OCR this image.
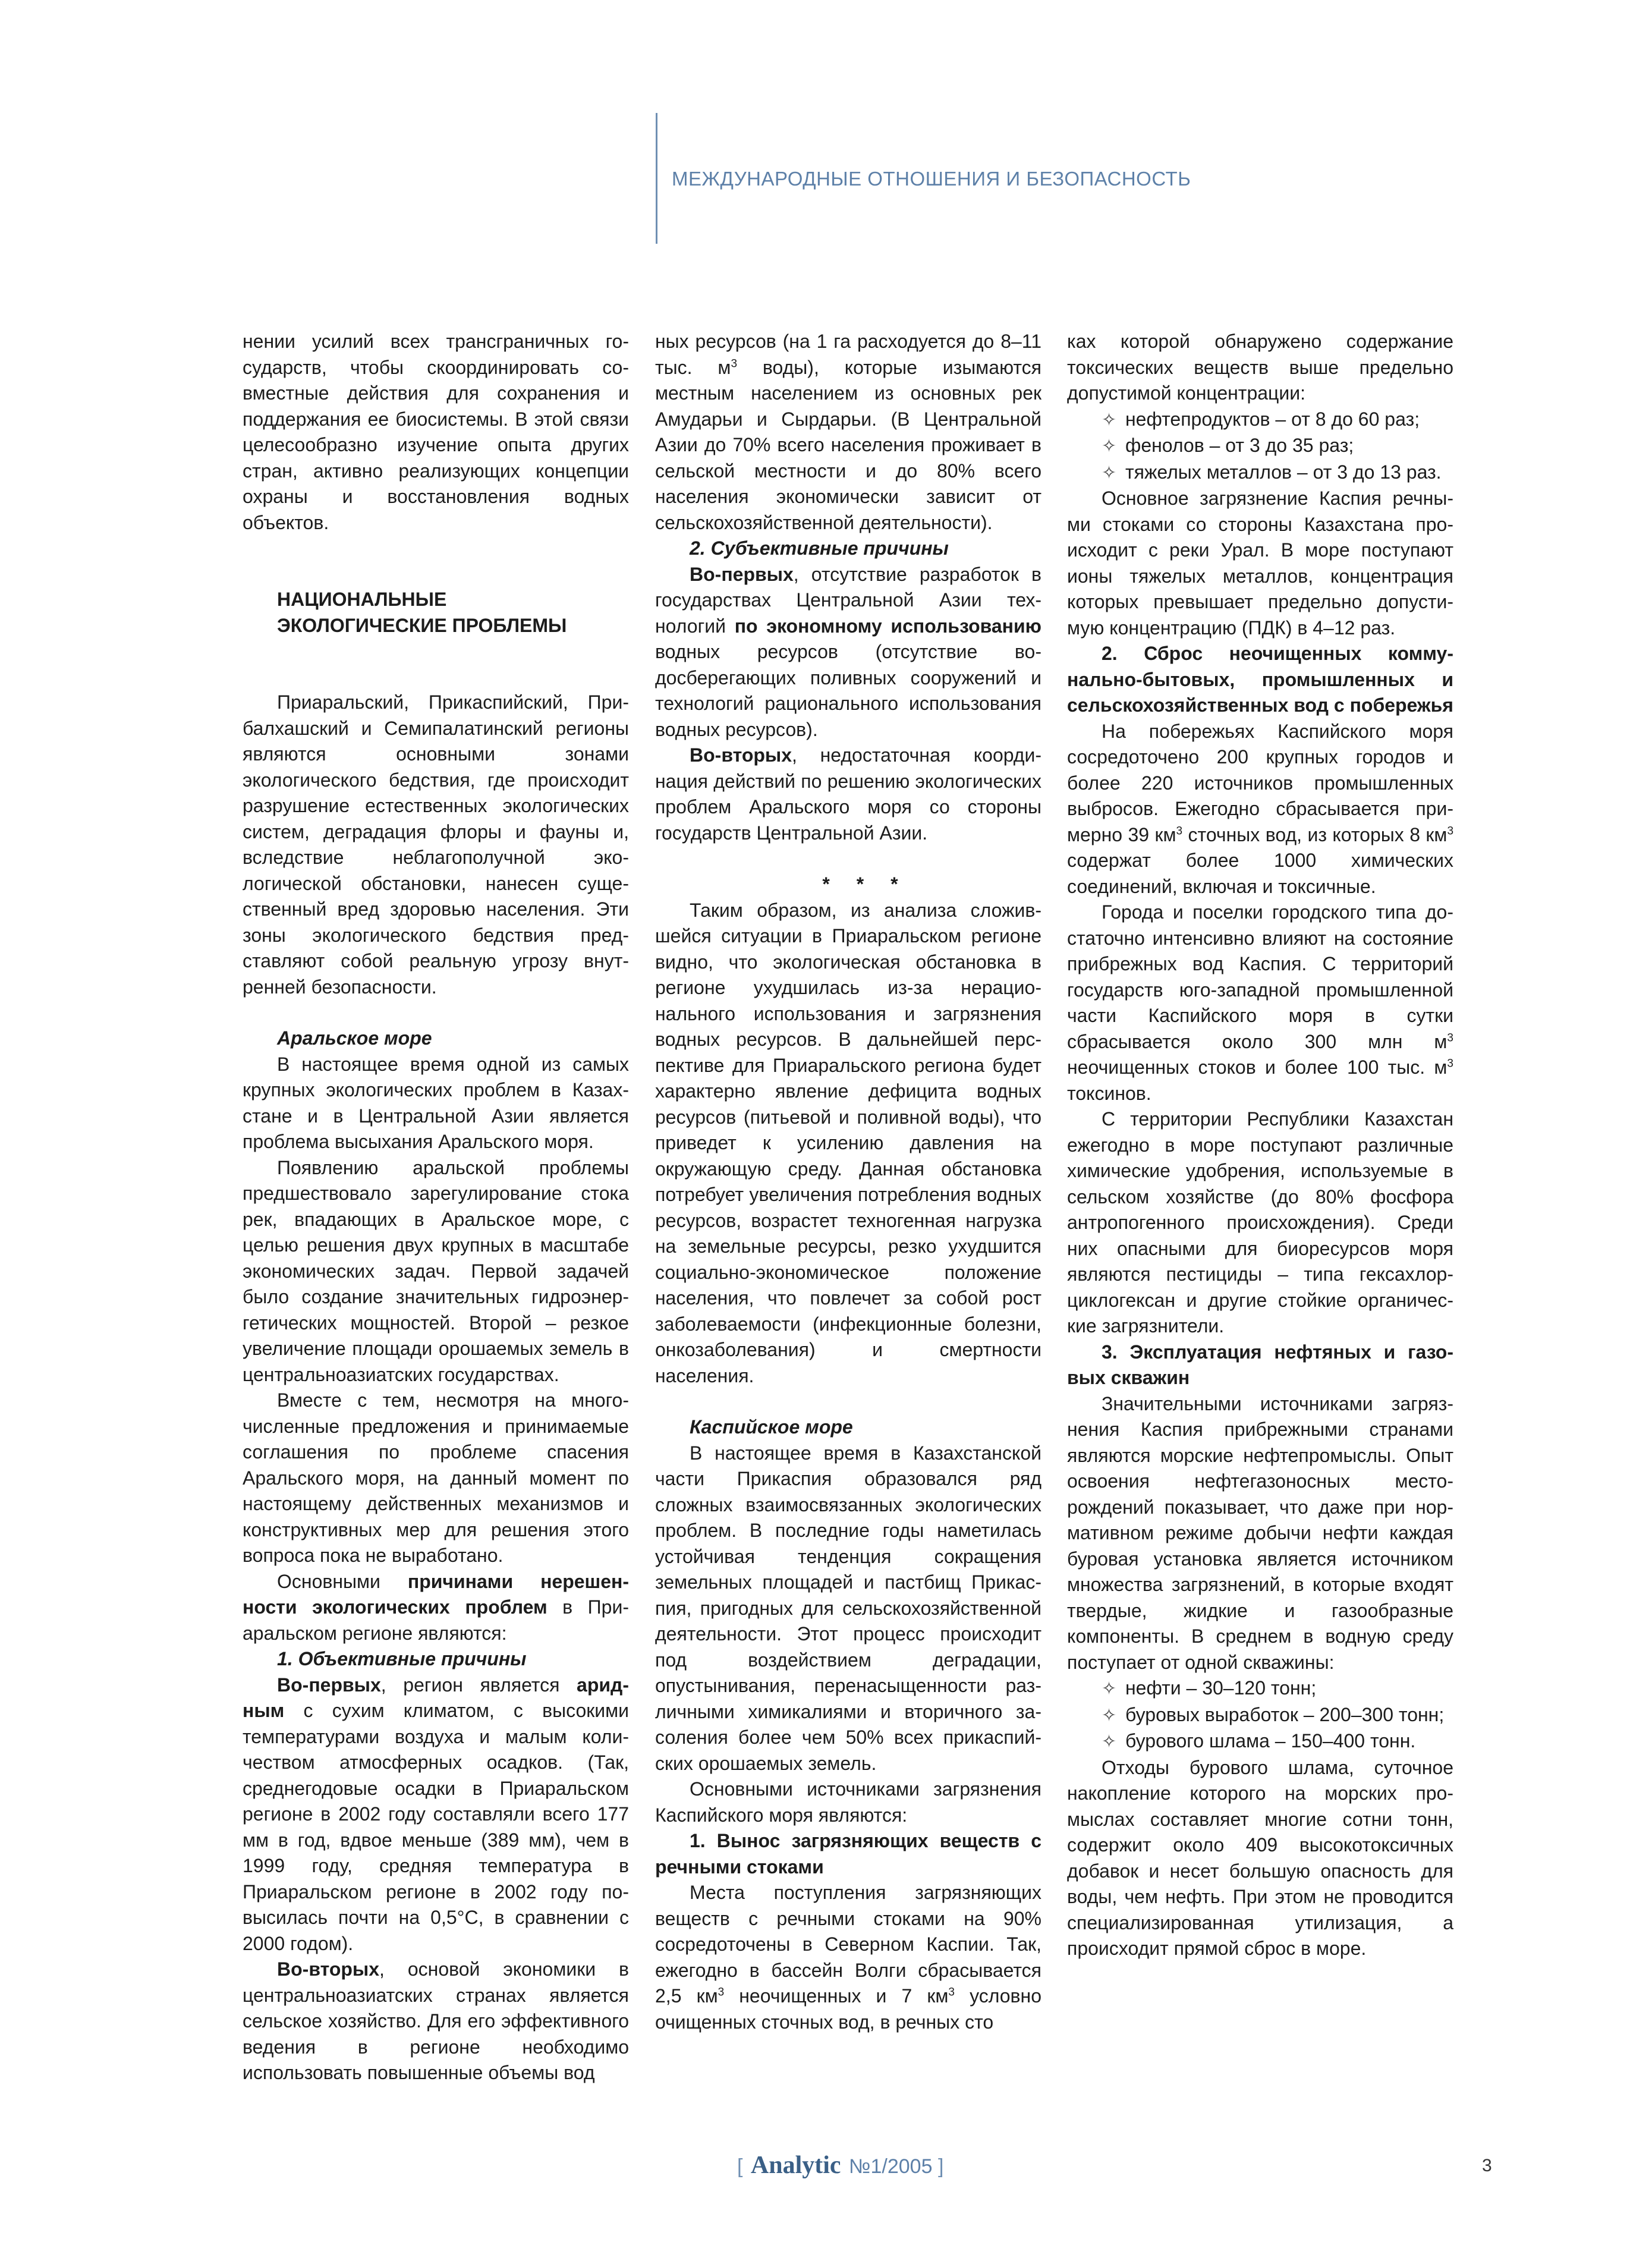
МЕЖДУНАРОДНЫЕ ОТНОШЕНИЯ И БЕЗОПАСНОСТЬ

нении усилий всех трансграничных государств, чтобы скоординировать совместные действия для сохранения и поддержания ее биосистемы. В этой связи целесообразно изучение опыта других стран, активно реализующих концепции охраны и восстановления водных объектов.

НАЦИОНАЛЬНЫЕ
ЭКОЛОГИЧЕСКИЕ ПРОБЛЕМЫ

Приаральский, Прикаспийский, Прибалхашский и Семипалатинский регионы являются основными зонами экологического бедствия, где происходит разрушение естественных экологических систем, деградация флоры и фауны и, вследствие неблагополучной экологической обстановки, нанесен существенный вред здоровью населения. Эти зоны экологического бедствия представляют собой реальную угрозу внутренней безопасности.

Аральское море

В настоящее время одной из самых крупных экологических проблем в Казахстане и в Центральной Азии является проблема высыхания Аральского моря.

Появлению аральской проблемы предшествовало зарегулирование стока рек, впадающих в Аральское море, с целью решения двух крупных в масштабе экономических задач. Первой задачей было создание значительных гидроэнергетических мощностей. Второй – резкое увеличение площади орошаемых земель в центральноазиатских государствах.

Вместе с тем, несмотря на многочисленные предложения и принимаемые соглашения по проблеме спасения Аральского моря, на данный момент по настоящему действенных механизмов и конструктивных мер для решения этого вопроса пока не выработано.

Основными причинами нерешенности экологических проблем в Приаральском регионе являются:

1. Объективные причины

Во-первых, регион является аридным с сухим климатом, с высокими температурами воздуха и малым количеством атмосферных осадков. (Так, среднегодовые осадки в Приаральском регионе в 2002 году составляли всего 177 мм в год, вдвое меньше (389 мм), чем в 1999 году, средняя температура в Приаральском регионе в 2002 году повысилась почти на 0,5°С, в сравнении с 2000 годом).

Во-вторых, основой экономики в центральноазиатских странах является сельское хозяйство. Для его эффективного ведения в регионе необходимо использовать повышенные объемы вод

ных ресурсов (на 1 га расходуется до 8–11 тыс. $м^3$ воды), которые изымаются местным населением из основных рек Амударьи и Сырдарьи. (В Центральной Азии до 70% всего населения проживает в сельской местности и до 80% всего населения экономически зависит от сельскохозяйственной деятельности).

2. Субъективные причины

Во-первых, отсутствие разработок в государствах Центральной Азии технологий по экономному использованию водных ресурсов (отсутствие водосберегающих поливных сооружений и технологий рационального использования водных ресурсов).

Во-вторых, недостаточная координация действий по решению экологических проблем Аральского моря со стороны государств Центральной Азии.

* * *

Таким образом, из анализа сложившейся ситуации в Приаральском регионе видно, что экологическая обстановка в регионе ухудшилась из-за нерационального использования и загрязнения водных ресурсов. В дальнейшей перспективе для Приаральского региона будет характерно явление дефицита водных ресурсов (питьевой и поливной воды), что приведет к усилению давления на окружающую среду. Данная обстановка потребует увеличения потребления водных ресурсов, возрастет техногенная нагрузка на земельные ресурсы, резко ухудшится социально-экономическое положение населения, что повлечет за собой рост заболеваемости (инфекционные болезни, онкозаболевания) и смертности населения.

Каспийское море

В настоящее время в Казахстанской части Прикаспия образовался ряд сложных взаимосвязанных экологических проблем. В последние годы наметилась устойчивая тенденция сокращения земельных площадей и пастбищ Прикаспия, пригодных для сельскохозяйственной деятельности. Этот процесс происходит под воздействием деградации, опустынивания, перенасыщенности различными химикалиями и вторичного засоления более чем 50% всех прикаспийских орошаемых земель.

Основными источниками загрязнения Каспийского моря являются:

1. Вынос загрязняющих веществ с речными стоками

Места поступления загрязняющих веществ с речными стоками на 90% сосредоточены в Северном Каспии. Так, ежегодно в бассейн Волги сбрасывается 2,5 $км^3$ неочищенных и 7 $км^3$ условно очищенных сточных вод, в речных сто

ках которой обнаружено содержание токсических веществ выше предельно допустимой концентрации:

✧ нефтепродуктов – от 8 до 60 раз;

✧ фенолов – от 3 до 35 раз;

✧ тяжелых металлов – от 3 до 13 раз.

Основное загрязнение Каспия речными стоками со стороны Казахстана происходит с реки Урал. В море поступают ионы тяжелых металлов, концентрация которых превышает предельно допустимую концентрацию (ПДК) в 4–12 раз.

2. Сброс неочищенных коммунально-бытовых, промышленных и сельскохозяйственных вод с побережья

На побережьях Каспийского моря сосредоточено 200 крупных городов и более 220 источников промышленных выбросов. Ежегодно сбрасывается примерно 39 $км^3$ сточных вод, из которых 8 $км^3$ содержат более 1000 химических соединений, включая и токсичные.

Города и поселки городского типа достаточно интенсивно влияют на состояние прибрежных вод Каспия. С территорий государств юго-западной промышленной части Каспийского моря в сутки сбрасывается около 300 млн $м^3$ неочищенных стоков и более 100 тыс. $м^3$ токсинов.

С территории Республики Казахстан ежегодно в море поступают различные химические удобрения, используемые в сельском хозяйстве (до 80% фосфора антропогенного происхождения). Среди них опасными для биоресурсов моря являются пестициды – типа гексахлорциклогексан и другие стойкие органические загрязнители.

3. Эксплуатация нефтяных и газовых скважин

Значительными источниками загрязнения Каспия прибрежными странами являются морские нефтепромыслы. Опыт освоения нефтегазоносных месторождений показывает, что даже при нормативном режиме добычи нефти каждая буровая установка является источником множества загрязнений, в которые входят твердые, жидкие и газообразные компоненты. В среднем в водную среду поступает от одной скважины:

✧ нефти – 30–120 тонн;

✧ буровых выработок – 200–300 тонн;

✧ бурового шлама – 150–400 тонн.

Отходы бурового шлама, суточное накопление которого на морских промыслах составляет многие сотни тонн, содержит около 409 высокотоксичных добавок и несет большую опасность для воды, чем нефть. При этом не проводится специализированная утилизация, а происходит прямой сброс в море.

[ Analytic №1/2005 ]	3
